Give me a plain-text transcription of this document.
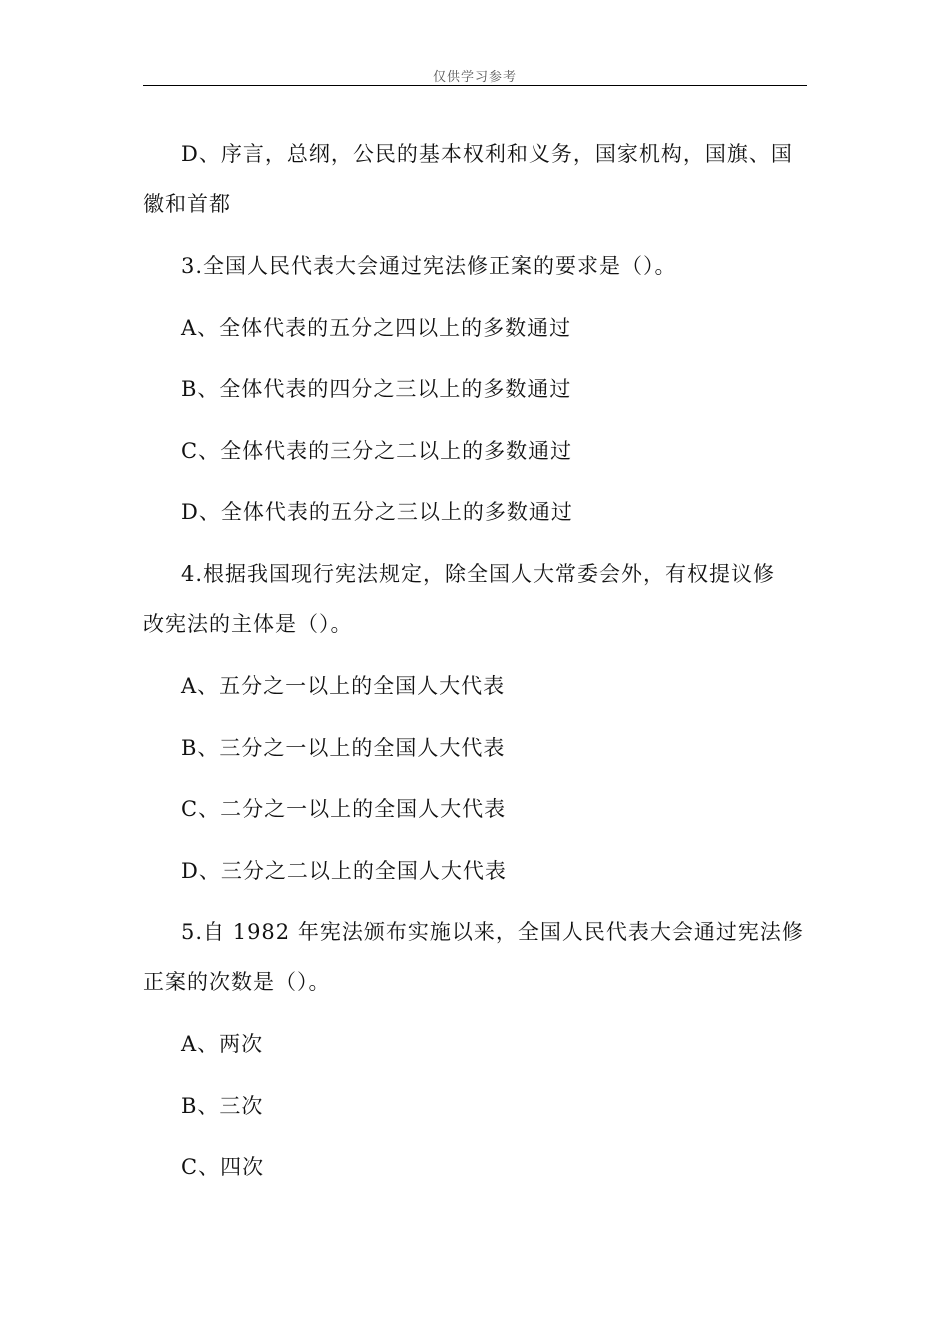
仅供学习参考
D、序言，总纲，公民的基本权利和义务，国家机构，国旗、国
徽和首都
3.全国人民代表大会通过宪法修正案的要求是（）。
A、全体代表的五分之四以上的多数通过
B、全体代表的四分之三以上的多数通过
C、全体代表的三分之二以上的多数通过
D、全体代表的五分之三以上的多数通过
4.根据我国现行宪法规定，除全国人大常委会外，有权提议修
改宪法的主体是（）。
A、五分之一以上的全国人大代表
B、三分之一以上的全国人大代表
C、二分之一以上的全国人大代表
D、三分之二以上的全国人大代表
5.自 1982 年宪法颁布实施以来，全国人民代表大会通过宪法修
正案的次数是（）。
A、两次
B、三次
C、四次
